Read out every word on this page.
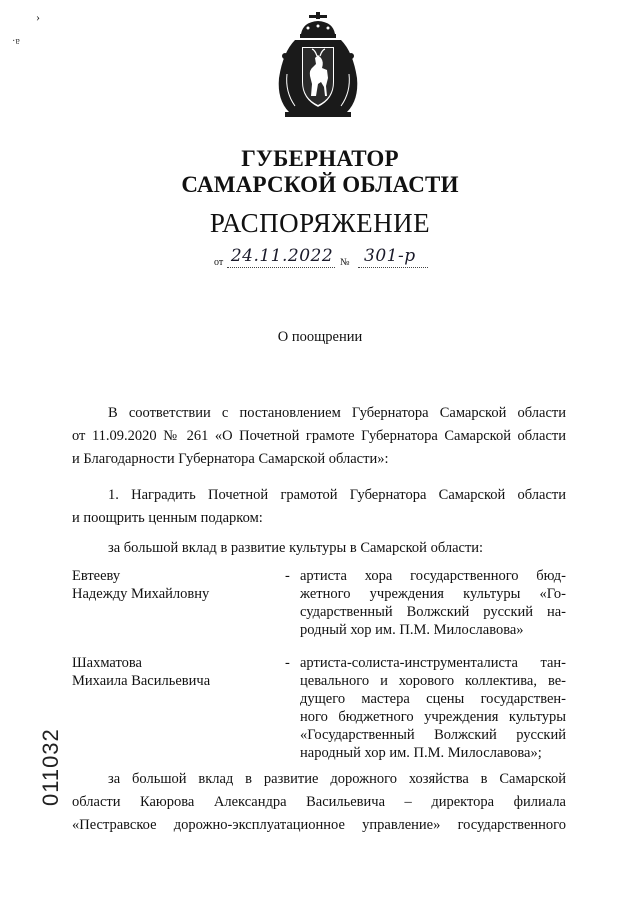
›
·ɐ
ГУБЕРНАТОР
САМАРСКОЙ ОБЛАСТИ
РАСПОРЯЖЕНИЕ
от 24.11.2022 № 301-р
О поощрении
В соответствии с постановлением Губернатора Самарской области
от 11.09.2020 № 261 «О Почетной грамоте Губернатора Самарской области
и Благодарности Губернатора Самарской области»:
1. Наградить Почетной грамотой Губернатора Самарской области
и поощрить ценным подарком:
за большой вклад в развитие культуры в Самарской области:
Евтееву
Надежду Михайловну
- артиста хора государственного бюд-
жетного учреждения культуры «Го-
сударственный Волжский русский на-
родный хор им. П.М. Милославова»
Шахматова
Михаила Васильевича
- артиста-солиста-инструменталиста тан-
цевального и хорового коллектива, ве-
дущего мастера сцены государствен-
ного бюджетного учреждения культуры
«Государственный Волжский русский
народный хор им. П.М. Милославова»;
за большой вклад в развитие дорожного хозяйства в Самарской
области Каюрова Александра Васильевича – директора филиала
«Пестравское дорожно-эксплуатационное управление» государственного
011032
